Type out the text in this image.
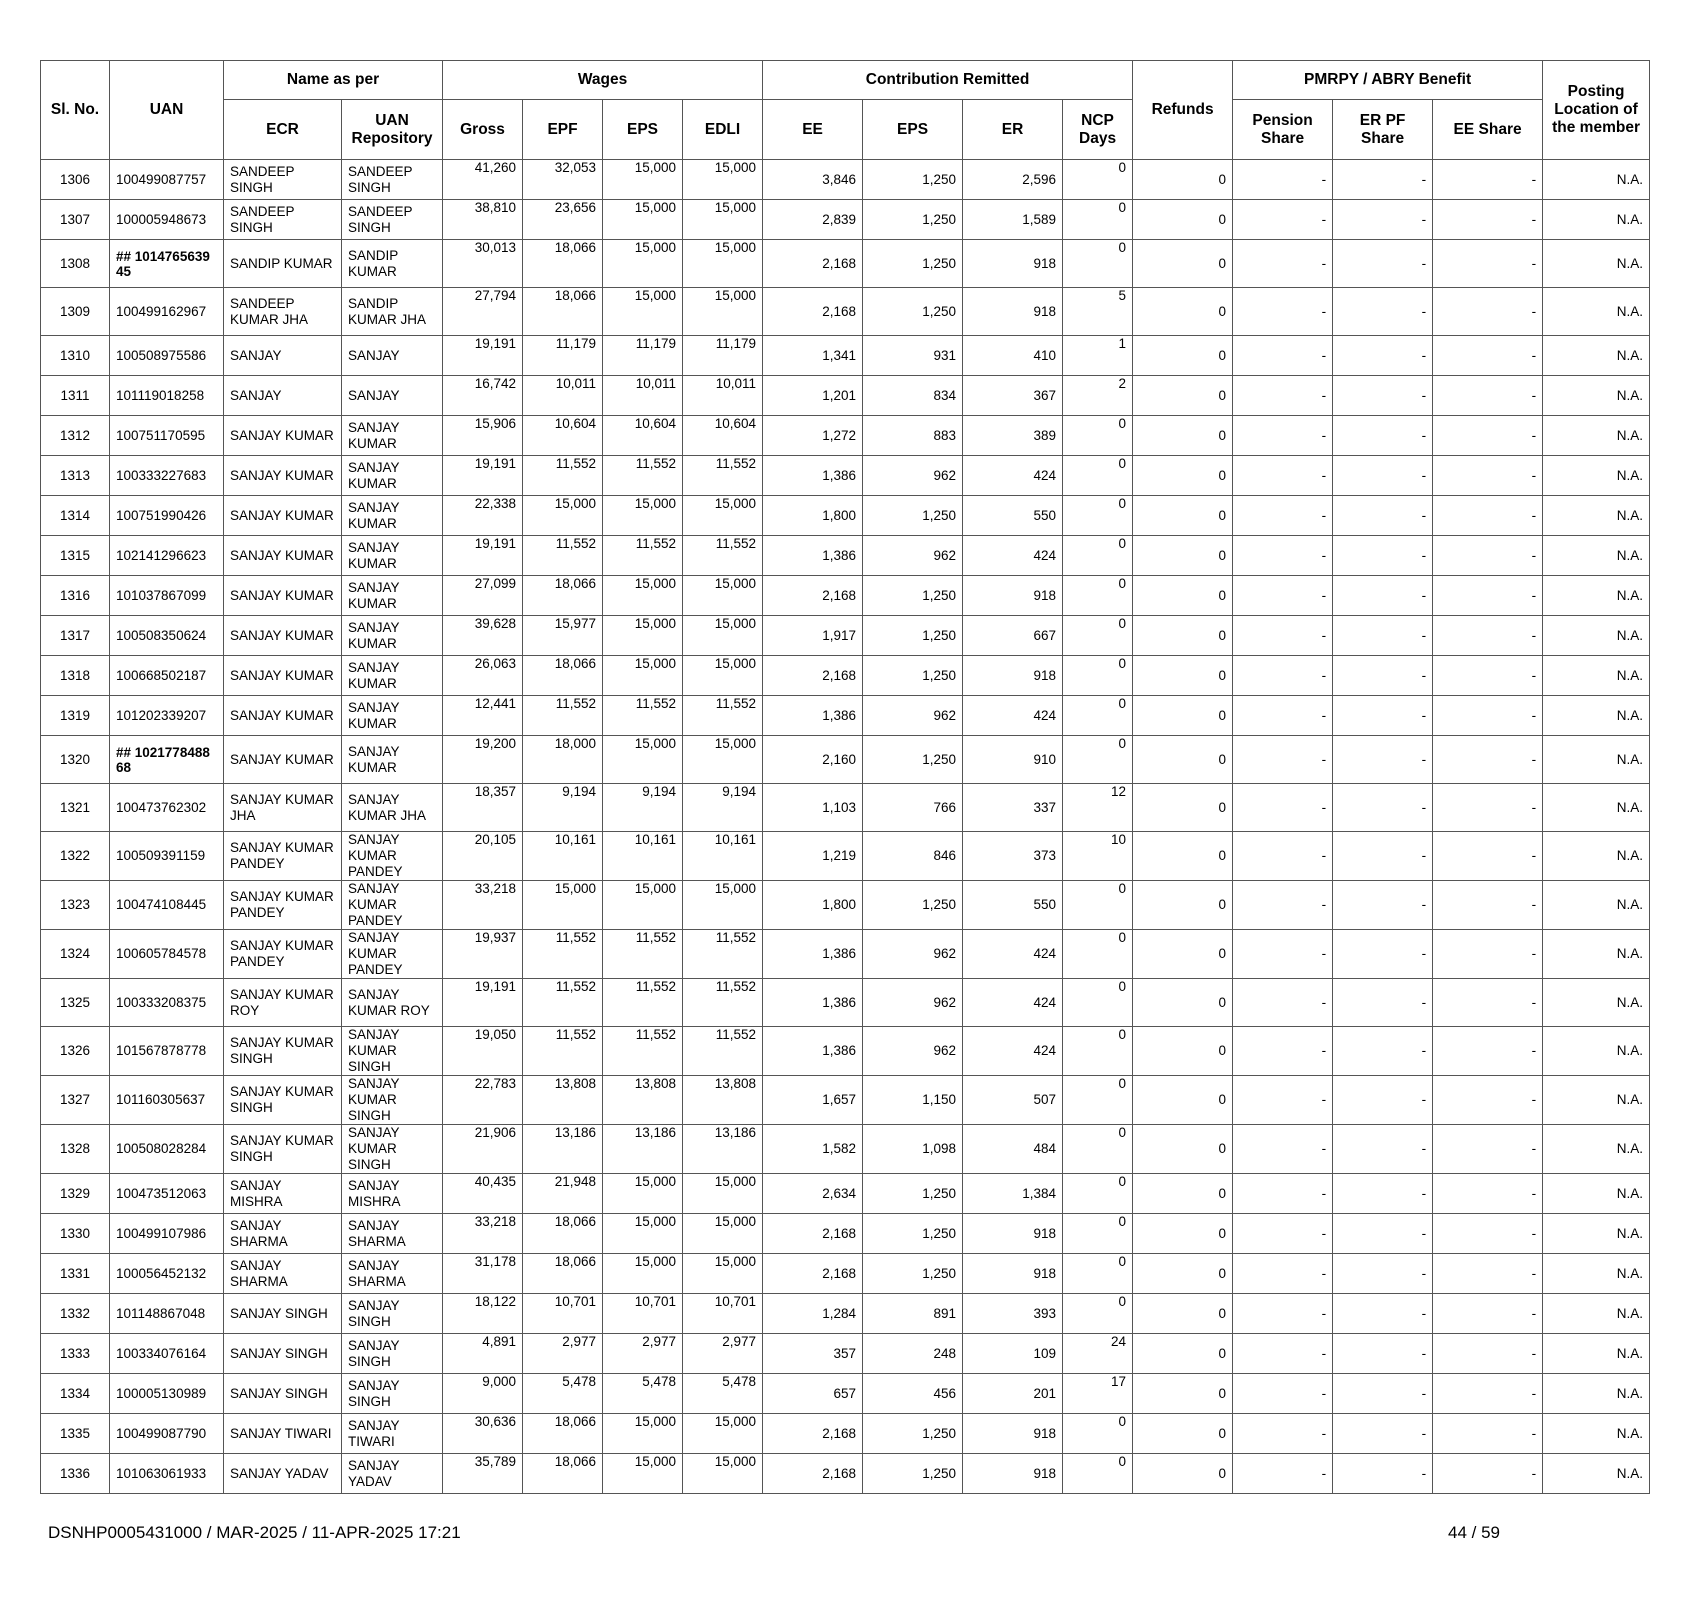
Sl. No.	UAN	Name as per		Wages				Contribution Remitted				Refunds	PMRPY / ABRY Benefit			Posting Location of the member
		ECR	UAN Repository	Gross	EPF	EPS	EDLI	EE	EPS	ER	NCP Days		Pension Share	ER PF Share	EE Share	
1306	100499087757	SANDEEP SINGH	SANDEEP SINGH	41,260	32,053	15,000	15,000	3,846	1,250	2,596	0	0	-	-	-	N.A.
1307	100005948673	SANDEEP SINGH	SANDEEP SINGH	38,810	23,656	15,000	15,000	2,839	1,250	1,589	0	0	-	-	-	N.A.
1308	## 101476563945	SANDIP KUMAR	SANDIP KUMAR	30,013	18,066	15,000	15,000	2,168	1,250	918	0	0	-	-	-	N.A.
1309	100499162967	SANDEEP KUMAR JHA	SANDIP KUMAR JHA	27,794	18,066	15,000	15,000	2,168	1,250	918	5	0	-	-	-	N.A.
1310	100508975586	SANJAY	SANJAY	19,191	11,179	11,179	11,179	1,341	931	410	1	0	-	-	-	N.A.
1311	101119018258	SANJAY	SANJAY	16,742	10,011	10,011	10,011	1,201	834	367	2	0	-	-	-	N.A.
1312	100751170595	SANJAY KUMAR	SANJAY KUMAR	15,906	10,604	10,604	10,604	1,272	883	389	0	0	-	-	-	N.A.
1313	100333227683	SANJAY KUMAR	SANJAY KUMAR	19,191	11,552	11,552	11,552	1,386	962	424	0	0	-	-	-	N.A.
1314	100751990426	SANJAY KUMAR	SANJAY KUMAR	22,338	15,000	15,000	15,000	1,800	1,250	550	0	0	-	-	-	N.A.
1315	102141296623	SANJAY KUMAR	SANJAY KUMAR	19,191	11,552	11,552	11,552	1,386	962	424	0	0	-	-	-	N.A.
1316	101037867099	SANJAY KUMAR	SANJAY KUMAR	27,099	18,066	15,000	15,000	2,168	1,250	918	0	0	-	-	-	N.A.
1317	100508350624	SANJAY KUMAR	SANJAY KUMAR	39,628	15,977	15,000	15,000	1,917	1,250	667	0	0	-	-	-	N.A.
1318	100668502187	SANJAY KUMAR	SANJAY KUMAR	26,063	18,066	15,000	15,000	2,168	1,250	918	0	0	-	-	-	N.A.
1319	101202339207	SANJAY KUMAR	SANJAY KUMAR	12,441	11,552	11,552	11,552	1,386	962	424	0	0	-	-	-	N.A.
1320	## 102177848868	SANJAY KUMAR	SANJAY KUMAR	19,200	18,000	15,000	15,000	2,160	1,250	910	0	0	-	-	-	N.A.
1321	100473762302	SANJAY KUMAR JHA	SANJAY KUMAR JHA	18,357	9,194	9,194	9,194	1,103	766	337	12	0	-	-	-	N.A.
1322	100509391159	SANJAY KUMAR PANDEY	SANJAY KUMAR PANDEY	20,105	10,161	10,161	10,161	1,219	846	373	10	0	-	-	-	N.A.
1323	100474108445	SANJAY KUMAR PANDEY	SANJAY KUMAR PANDEY	33,218	15,000	15,000	15,000	1,800	1,250	550	0	0	-	-	-	N.A.
1324	100605784578	SANJAY KUMAR PANDEY	SANJAY KUMAR PANDEY	19,937	11,552	11,552	11,552	1,386	962	424	0	0	-	-	-	N.A.
1325	100333208375	SANJAY KUMAR ROY	SANJAY KUMAR ROY	19,191	11,552	11,552	11,552	1,386	962	424	0	0	-	-	-	N.A.
1326	101567878778	SANJAY KUMAR SINGH	SANJAY KUMAR SINGH	19,050	11,552	11,552	11,552	1,386	962	424	0	0	-	-	-	N.A.
1327	101160305637	SANJAY KUMAR SINGH	SANJAY KUMAR SINGH	22,783	13,808	13,808	13,808	1,657	1,150	507	0	0	-	-	-	N.A.
1328	100508028284	SANJAY KUMAR SINGH	SANJAY KUMAR SINGH	21,906	13,186	13,186	13,186	1,582	1,098	484	0	0	-	-	-	N.A.
1329	100473512063	SANJAY MISHRA	SANJAY MISHRA	40,435	21,948	15,000	15,000	2,634	1,250	1,384	0	0	-	-	-	N.A.
1330	100499107986	SANJAY SHARMA	SANJAY SHARMA	33,218	18,066	15,000	15,000	2,168	1,250	918	0	0	-	-	-	N.A.
1331	100056452132	SANJAY SHARMA	SANJAY SHARMA	31,178	18,066	15,000	15,000	2,168	1,250	918	0	0	-	-	-	N.A.
1332	101148867048	SANJAY SINGH	SANJAY SINGH	18,122	10,701	10,701	10,701	1,284	891	393	0	0	-	-	-	N.A.
1333	100334076164	SANJAY SINGH	SANJAY SINGH	4,891	2,977	2,977	2,977	357	248	109	24	0	-	-	-	N.A.
1334	100005130989	SANJAY SINGH	SANJAY SINGH	9,000	5,478	5,478	5,478	657	456	201	17	0	-	-	-	N.A.
1335	100499087790	SANJAY TIWARI	SANJAY TIWARI	30,636	18,066	15,000	15,000	2,168	1,250	918	0	0	-	-	-	N.A.
1336	101063061933	SANJAY YADAV	SANJAY YADAV	35,789	18,066	15,000	15,000	2,168	1,250	918	0	0	-	-	-	N.A.
DSNHP0005431000 / MAR-2025 / 11-APR-2025 17:21	44 / 59
